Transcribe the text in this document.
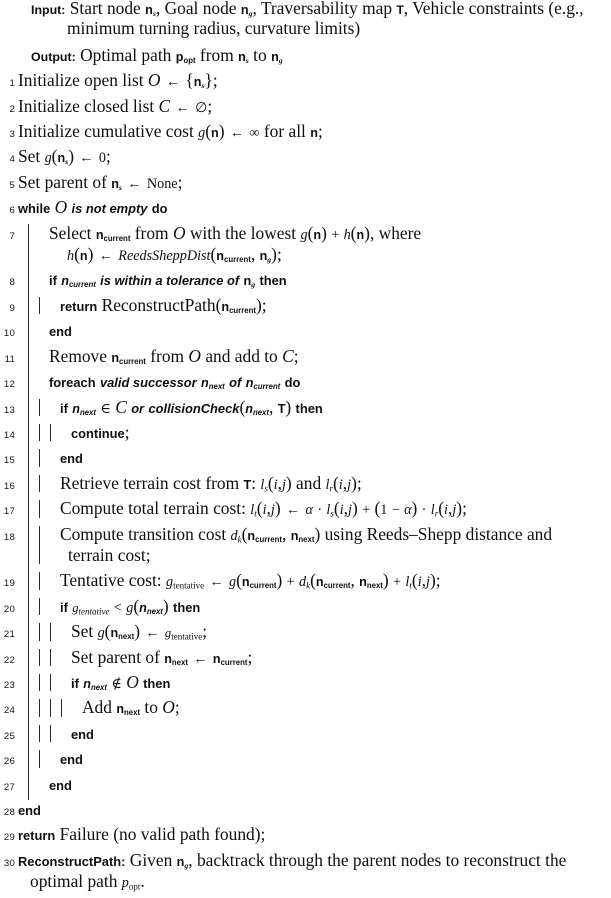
Input: Start node $n_s$, Goal node $n_g$, Traversability map T, Vehicle constraints (e.g.,
minimum turning radius, curvature limits)
Output: Optimal path $p_{opt}$ from $n_s$ to $n_g$
1 Initialize open list O ← $\{n_s\}$;
2 Initialize closed list C ← ∅;
3 Initialize cumulative cost g(n) ← ∞ for all n;
4 Set $g(n_s)$ ← 0;
5 Set parent of $n_s$ ← None;
6 while O is not empty do
7	Select $n_{current}$ from O with the lowest g(n) + h(n), where
h(n) ← $ReedsSheppDist(n_{current}$, $n_g$);
8	if $n_{current}$ is within a tolerance of $n_g$ then
9	return $ReconstructPath(n_{current})$;
10	end
11	Remove $n_{current}$ from O and add to C;
12	foreach valid successor $n_{next}$ of $n_{current}$ do
13	if $n_{next}$ ∈ C or $collisionCheck(n_{next}$, T) then
14	continue;
15	end
16	Retrieve terrain cost from T: $l_s(i,j)$ and $l_r(i,j)$;
17	Compute total terrain cost: $l_t(i,j)$ ← $\alpha \cdot l_s(i,j) + (1 - \alpha) \cdot l_r(i,j)$;
18	Compute transition cost $d_k(n_{current}$, $n_{next}$) using Reeds–Shepp distance and
terrain cost;
19	Tentative cost: $g_{tentative}$ ← $g(n_{current}) + d_k(n_{current}$, $n_{next}) + l_t(i,j)$;
20	if $g_{tentative} < g(n_{next})$ then
21	Set $g(n_{next})$ ← $g_{tentative}$;
22	Set parent of $n_{next}$ ← $n_{current}$;
23	if $n_{next}$ ∉ O then
24	Add $n_{next}$ to O;
25	end
26	end
27	end
28 end
29 return Failure (no valid path found);
30 ReconstructPath: Given $n_g$, backtrack through the parent nodes to reconstruct the
optimal path $p_{opt}$.
